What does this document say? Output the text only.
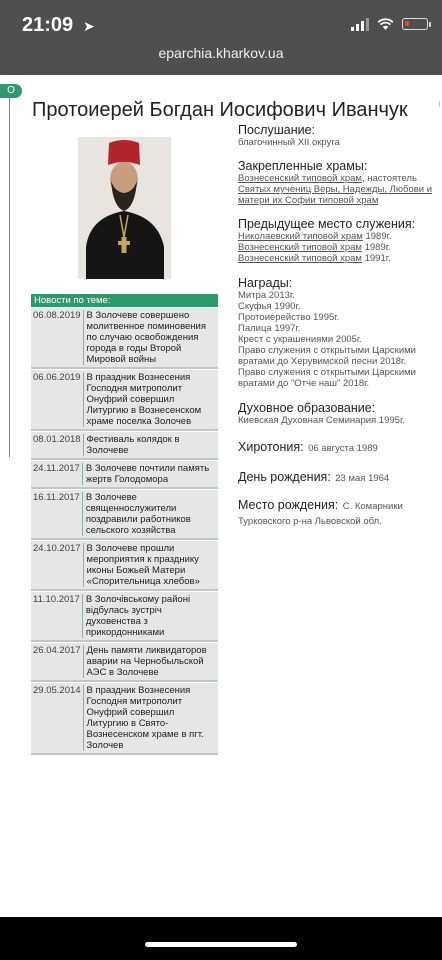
21:09 ➤
eparchia.kharkov.ua
О
Протоиерей Богдан Иосифович Иванчук
Новости по теме:
06.08.2019 В Золочеве совершено молитвенное поминовения по случаю освобождения города в годы Второй Мировой войны
06.06.2019 В праздник Вознесения Господня митрополит Онуфрий совершил Литургию в Вознесенском храме поселка Золочев
08.01.2018 Фестиваль колядок в Золочеве
24.11.2017 В Золочеве почтили память жертв Голодомора
16.11.2017 В Золочеве священнослужители поздравили работников сельского хозяйства
24.10.2017 В Золочеве прошли мероприятия к празднику иконы Божьей Матери «Спорительница хлебов»
11.10.2017 В Золочівському районі відбулась зустріч духовенства з прикордонниками
26.04.2017 День памяти ликвидаторов аварии на Чернобыльской АЭС в Золочеве
29.05.2014 В праздник Вознесения Господня митрополит Онуфрий совершил Литургию в Свято-Вознесенском храме в пгт. Золочев
Послушание:
благочинный XII округа
Закрепленные храмы:
Вознесенский типовой храм, настоятель Святых мучениц Веры, Надежды, Любови и матери их Софии типовой храм
Предыдущее место служения:
Николаевский типовой храм 1989г.
Вознесенский типовой храм 1989г.
Вознесенский типовой храм 1991г.
Награды:
Митра 2013г.
Скуфья 1990г.
Протоиерейство 1995г.
Палица 1997г.
Крест с украшениями 2005г.
Право служения с открытыми Царскими вратами до Херувимской песни 2018г.
Право служения с открытыми Царскими вратами до "Отче наш" 2018г.
Духовное образование:
Киевская Духовная Семинария 1995г.
Хиротония: 06 августа 1989
День рождения: 23 мая 1964
Место рождения: С. Комарники Турковского р-на Львовской обл.
